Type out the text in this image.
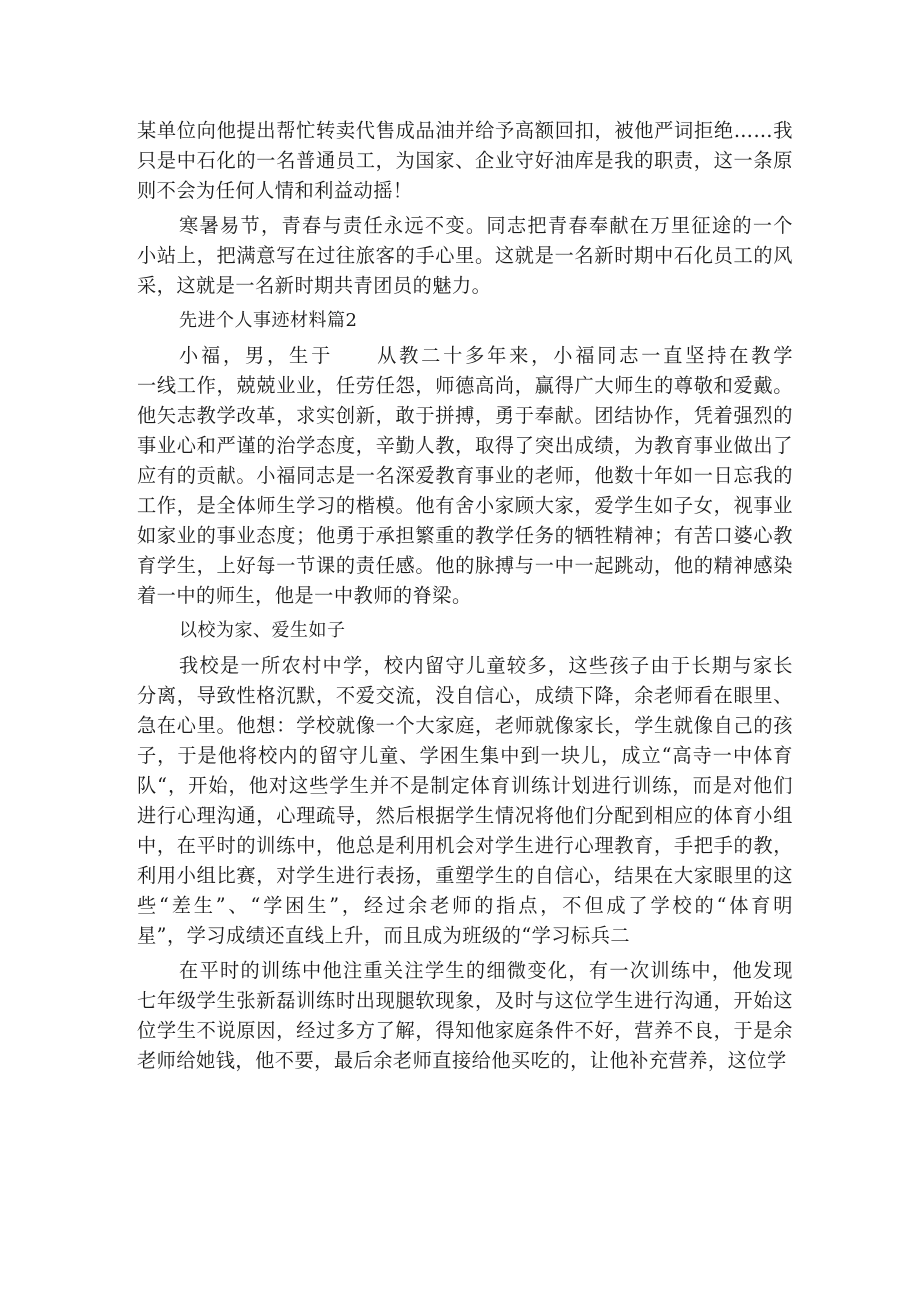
某单位向他提出帮忙转卖代售成品油并给予高额回扣，被他严词拒绝……我
只是中石化的一名普通员工，为国家、企业守好油库是我的职责，这一条原
则不会为任何人情和利益动摇！
寒暑易节，青春与责任永远不变。同志把青春奉献在万里征途的一个
小站上，把满意写在过往旅客的手心里。这就是一名新时期中石化员工的风
采，这就是一名新时期共青团员的魅力。
先进个人事迹材料篇2
小福，男，生于　　从教二十多年来，小福同志一直坚持在教学
一线工作，兢兢业业，任劳任怨，师德高尚，赢得广大师生的尊敬和爱戴。
他矢志教学改革，求实创新，敢于拼搏，勇于奉献。团结协作，凭着强烈的
事业心和严谨的治学态度，辛勤人教，取得了突出成绩，为教育事业做出了
应有的贡献。小福同志是一名深爱教育事业的老师，他数十年如一日忘我的
工作，是全体师生学习的楷模。他有舍小家顾大家，爱学生如子女，视事业
如家业的事业态度；他勇于承担繁重的教学任务的牺牲精神；有苦口婆心教
育学生，上好每一节课的责任感。他的脉搏与一中一起跳动，他的精神感染
着一中的师生，他是一中教师的脊梁。
以校为家、爱生如子
我校是一所农村中学，校内留守儿童较多，这些孩子由于长期与家长
分离，导致性格沉默，不爱交流，没自信心，成绩下降，余老师看在眼里、
急在心里。他想：学校就像一个大家庭，老师就像家长，学生就像自己的孩
子，于是他将校内的留守儿童、学困生集中到一块儿，成立“高寺一中体育
队“，开始，他对这些学生并不是制定体育训练计划进行训练，而是对他们
进行心理沟通，心理疏导，然后根据学生情况将他们分配到相应的体育小组
中，在平时的训练中，他总是利用机会对学生进行心理教育，手把手的教，
利用小组比赛，对学生进行表扬，重塑学生的自信心，结果在大家眼里的这
些“差生”、“学困生”，经过余老师的指点，不但成了学校的“体育明
星”，学习成绩还直线上升，而且成为班级的“学习标兵二
在平时的训练中他注重关注学生的细微变化，有一次训练中，他发现
七年级学生张新磊训练时出现腿软现象，及时与这位学生进行沟通，开始这
位学生不说原因，经过多方了解，得知他家庭条件不好，营养不良，于是余
老师给她钱，他不要，最后余老师直接给他买吃的，让他补充营养，这位学
